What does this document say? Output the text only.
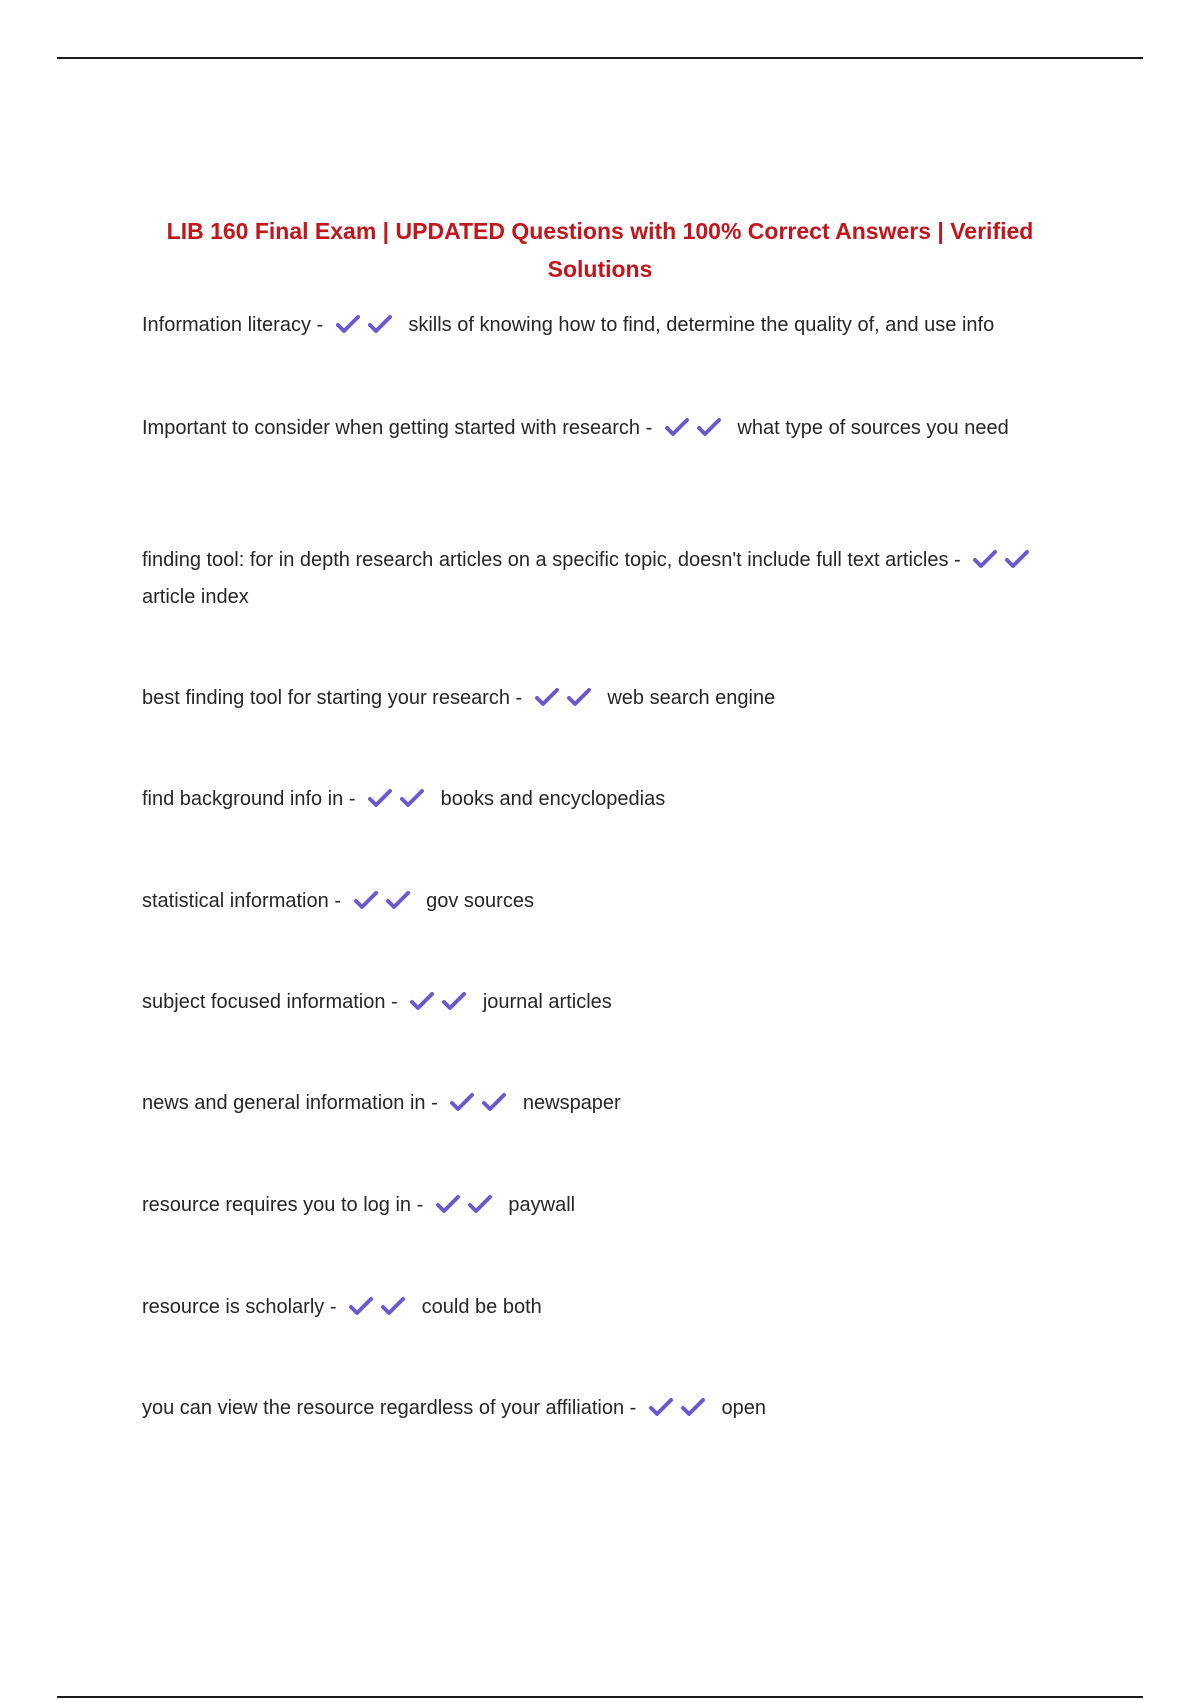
LIB 160 Final Exam | UPDATED Questions with 100% Correct Answers | Verified Solutions
Information literacy -	skills of knowing how to find, determine the quality of, and use info
Important to consider when getting started with research -	what type of sources you need
finding tool: for in depth research articles on a specific topic, doesn't include full text articles -
article index
best finding tool for starting your research -	web search engine
find background info in -	books and encyclopedias
statistical information -	gov sources
subject focused information -	journal articles
news and general information in -	newspaper
resource requires you to log in -	paywall
resource is scholarly -	could be both
you can view the resource regardless of your affiliation -	open
